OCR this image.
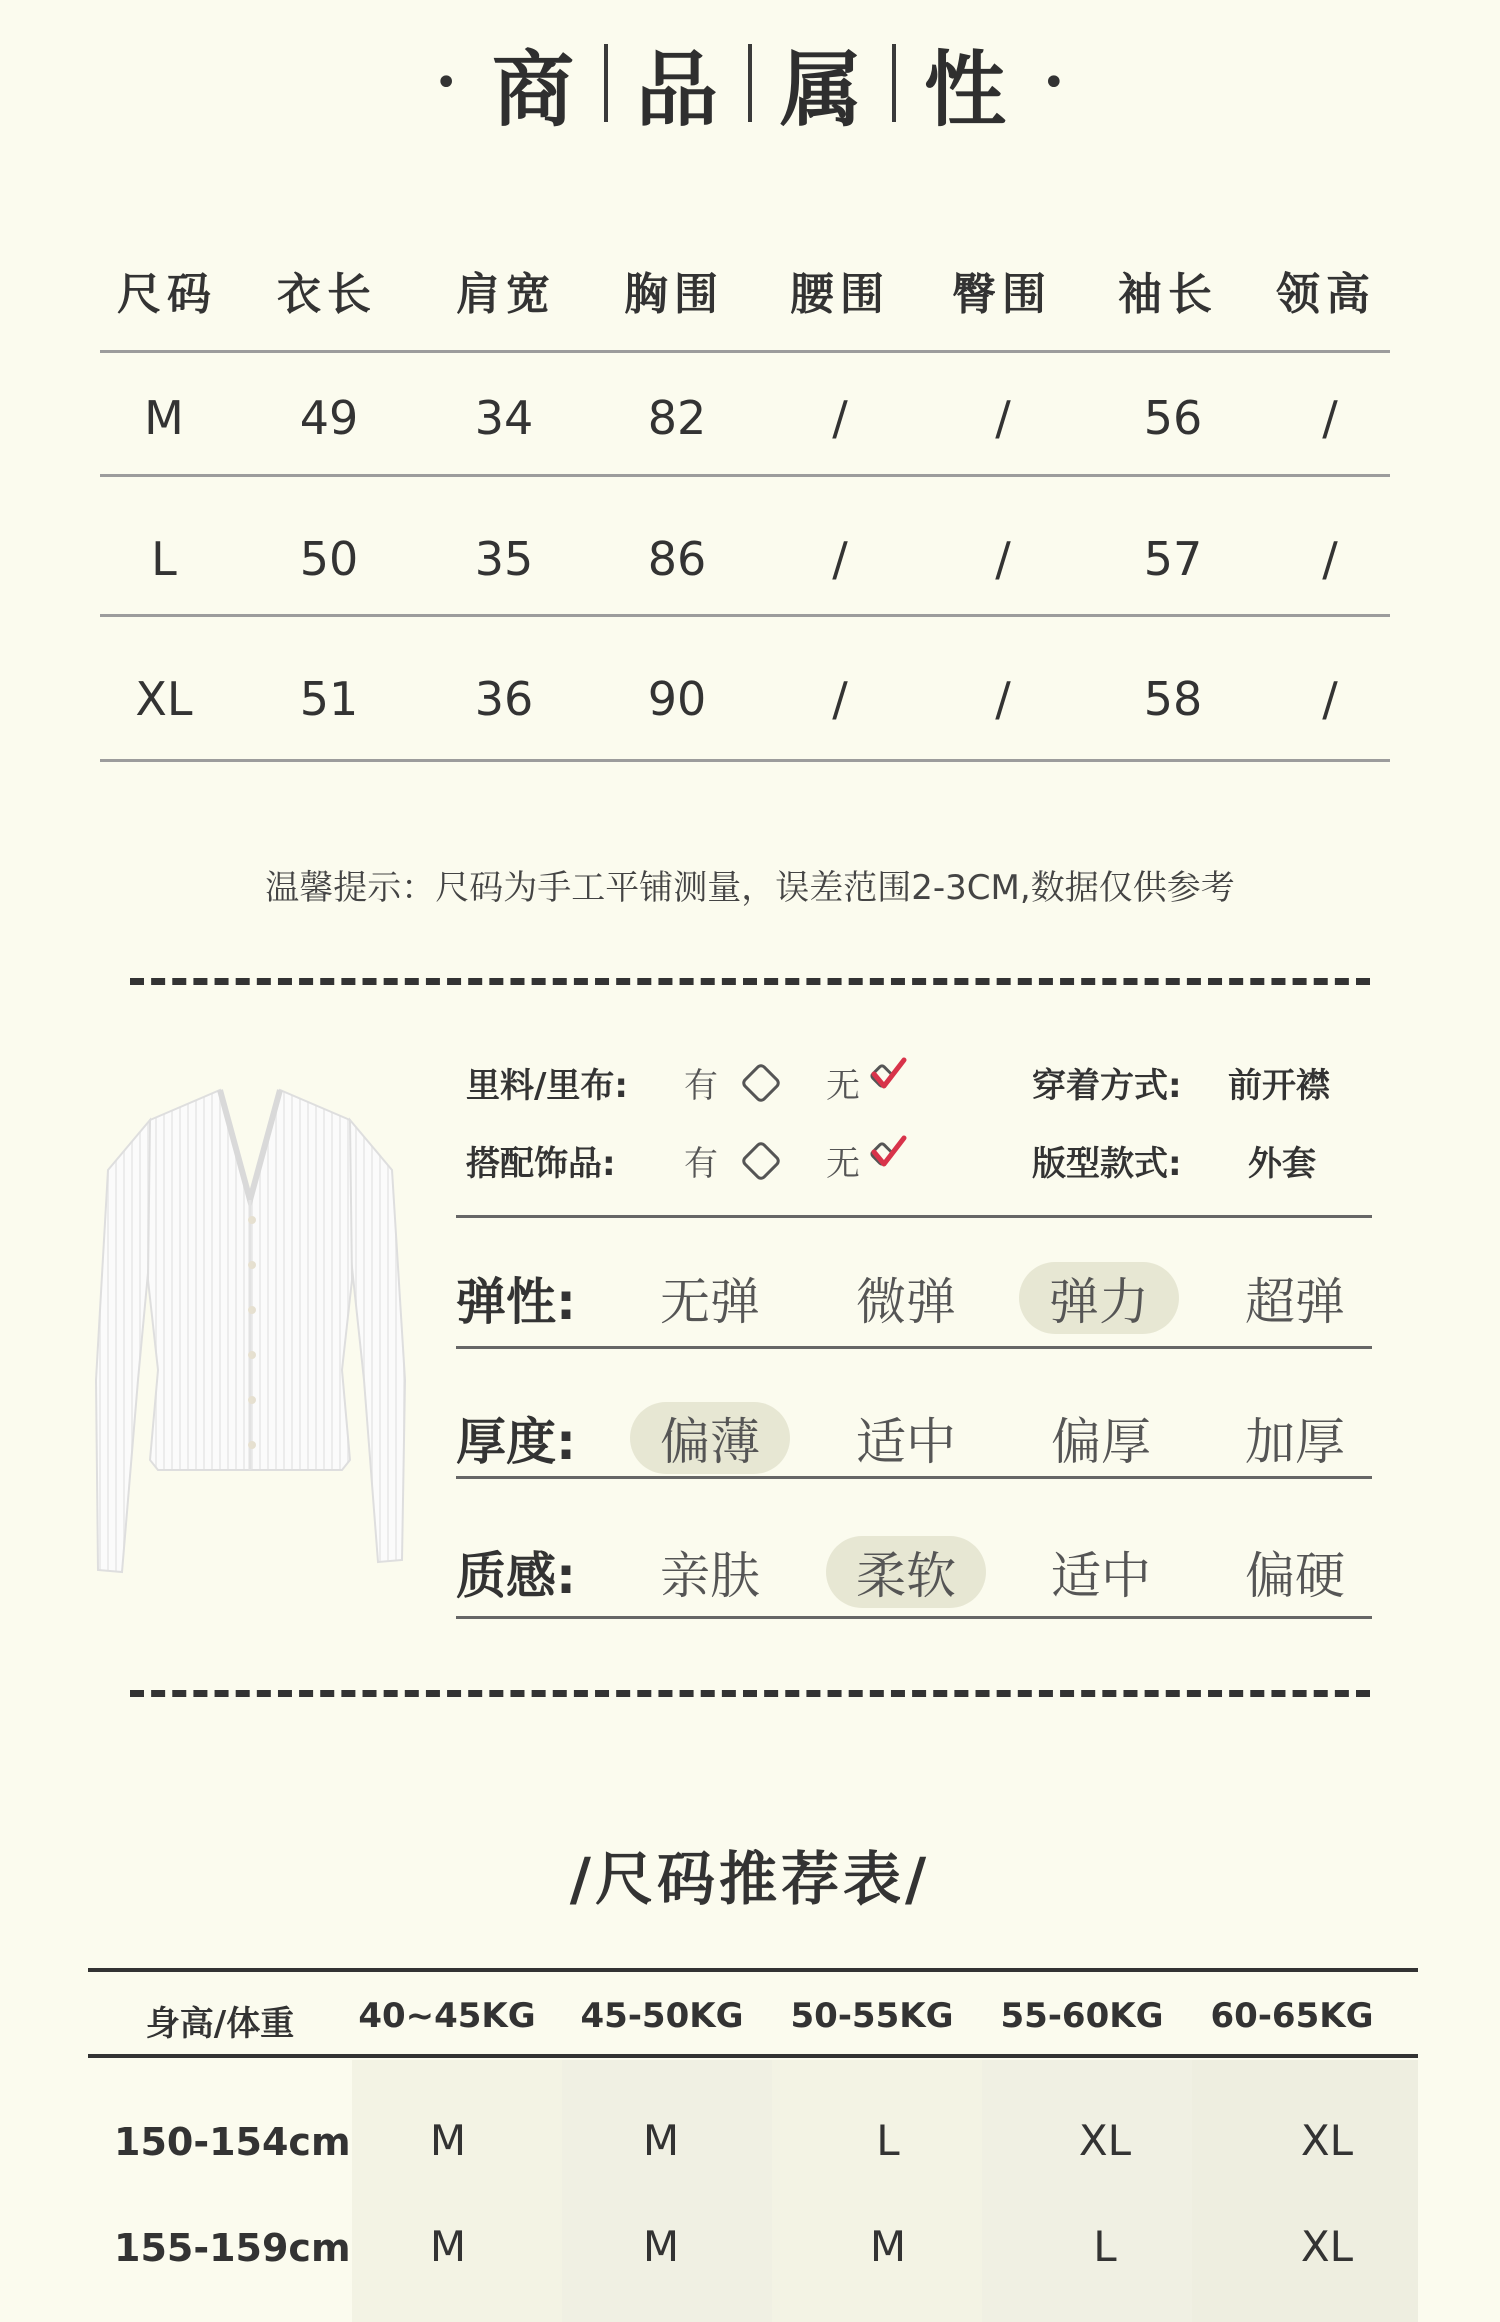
• 商 品 属 性 •
尺码	衣长	肩宽	胸围	腰围	臀围	袖长	领高
M	49	34	82	/	/	56	/
L	50	35	86	/	/	57	/
XL	51	36	90	/	/	58	/
温馨提示：尺码为手工平铺测量，误差范围2-3CM,数据仅供参考
里料/里布: 有	无	穿着方式: 前开襟
搭配饰品: 有	无	版型款式: 外套
弹性:	无弹	微弹	弹力	超弹
厚度:	偏薄	适中	偏厚	加厚
质感:	亲肤	柔软	适中	偏硬
/尺码推荐表/
身高/体重	40~45KG	45-50KG	50-55KG	55-60KG	60-65KG
150-154cm	M	M	L	XL	XL
155-159cm	M	M	M	L	XL
